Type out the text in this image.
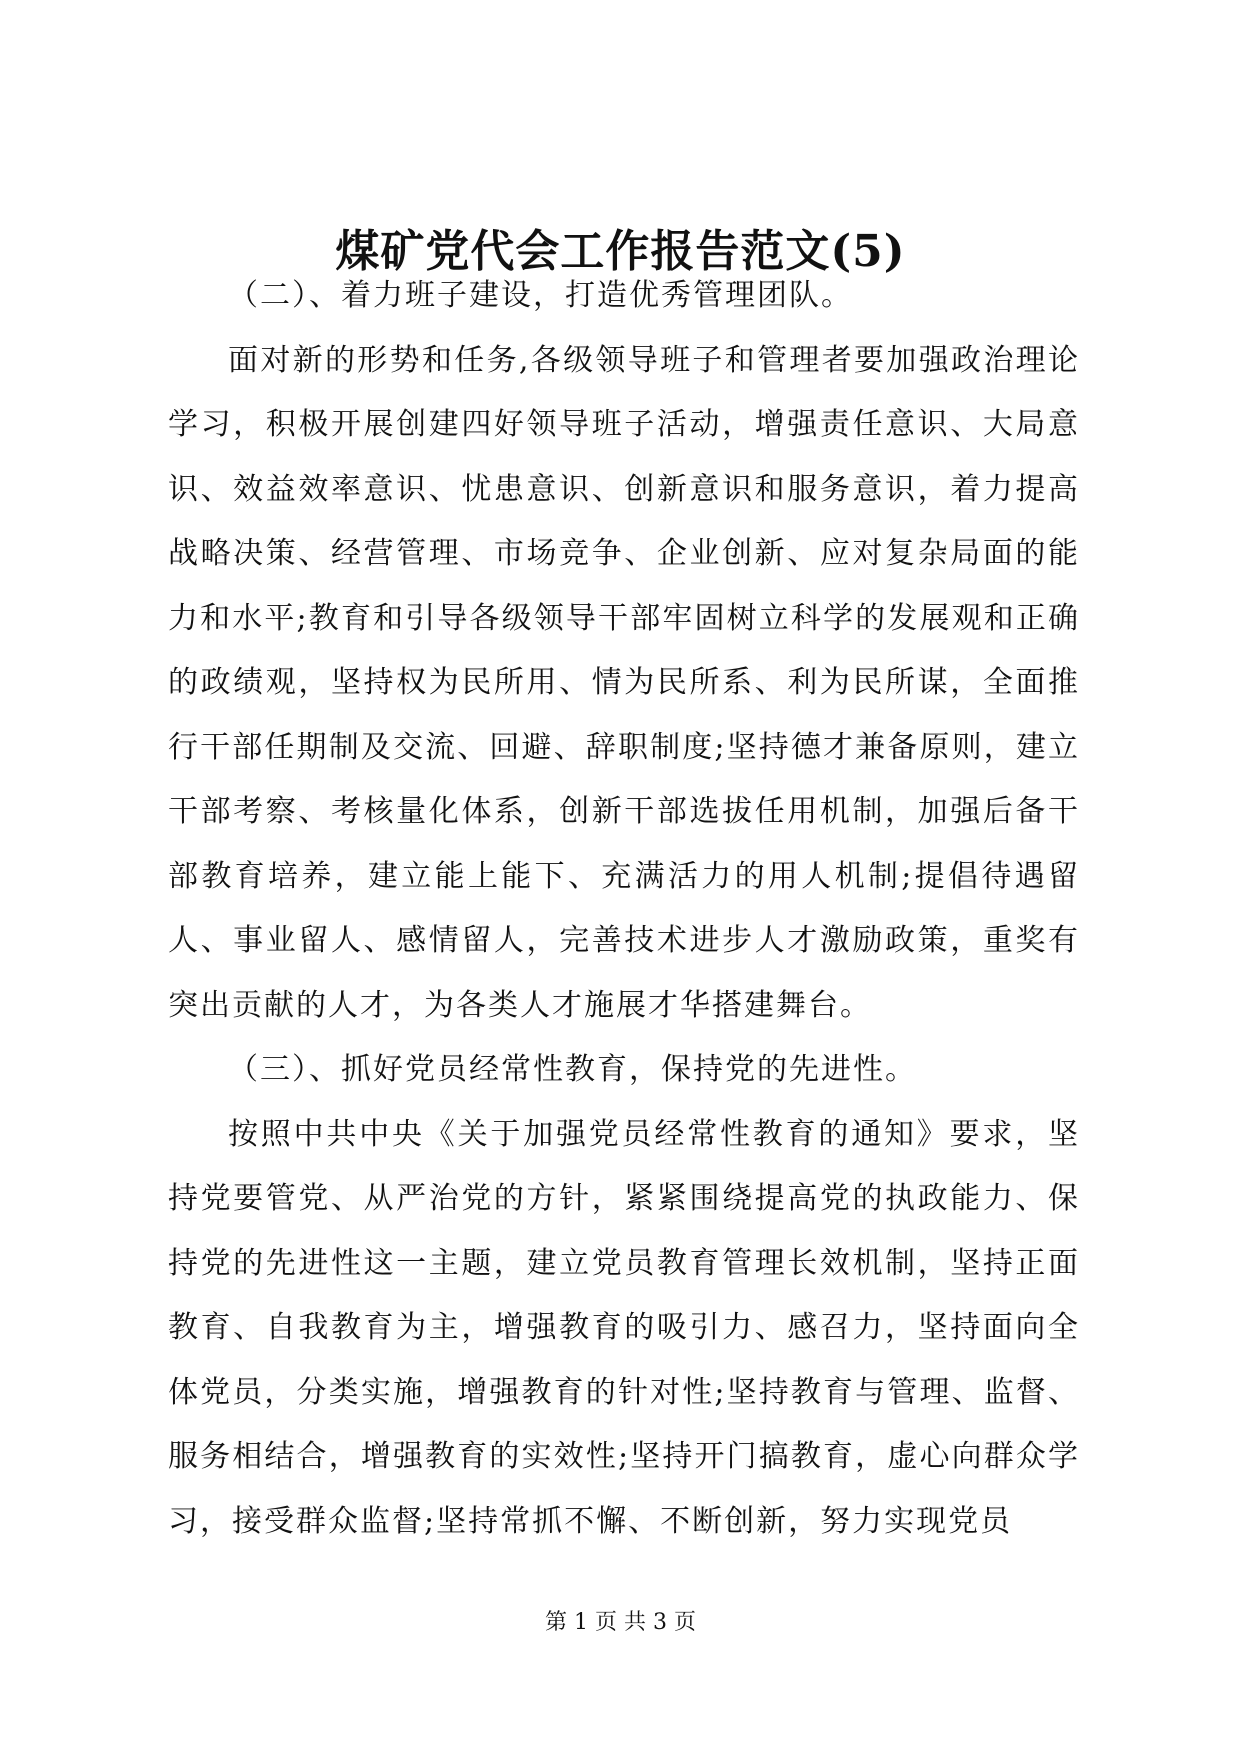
煤矿党代会工作报告范文(5)

（二）、着力班子建设，打造优秀管理团队。

面对新的形势和任务,各级领导班子和管理者要加强政治理论学习，积极开展创建四好领导班子活动，增强责任意识、大局意识、效益效率意识、忧患意识、创新意识和服务意识，着力提高战略决策、经营管理、市场竞争、企业创新、应对复杂局面的能力和水平;教育和引导各级领导干部牢固树立科学的发展观和正确的政绩观，坚持权为民所用、情为民所系、利为民所谋，全面推行干部任期制及交流、回避、辞职制度;坚持德才兼备原则，建立干部考察、考核量化体系，创新干部选拔任用机制，加强后备干部教育培养，建立能上能下、充满活力的用人机制;提倡待遇留人、事业留人、感情留人，完善技术进步人才激励政策，重奖有突出贡献的人才，为各类人才施展才华搭建舞台。

（三）、抓好党员经常性教育，保持党的先进性。

按照中共中央《关于加强党员经常性教育的通知》要求，坚持党要管党、从严治党的方针，紧紧围绕提高党的执政能力、保持党的先进性这一主题，建立党员教育管理长效机制，坚持正面教育、自我教育为主，增强教育的吸引力、感召力，坚持面向全体党员，分类实施，增强教育的针对性;坚持教育与管理、监督、服务相结合，增强教育的实效性;坚持开门搞教育，虚心向群众学习，接受群众监督;坚持常抓不懈、不断创新，努力实现党员

第 1 页 共 3 页
